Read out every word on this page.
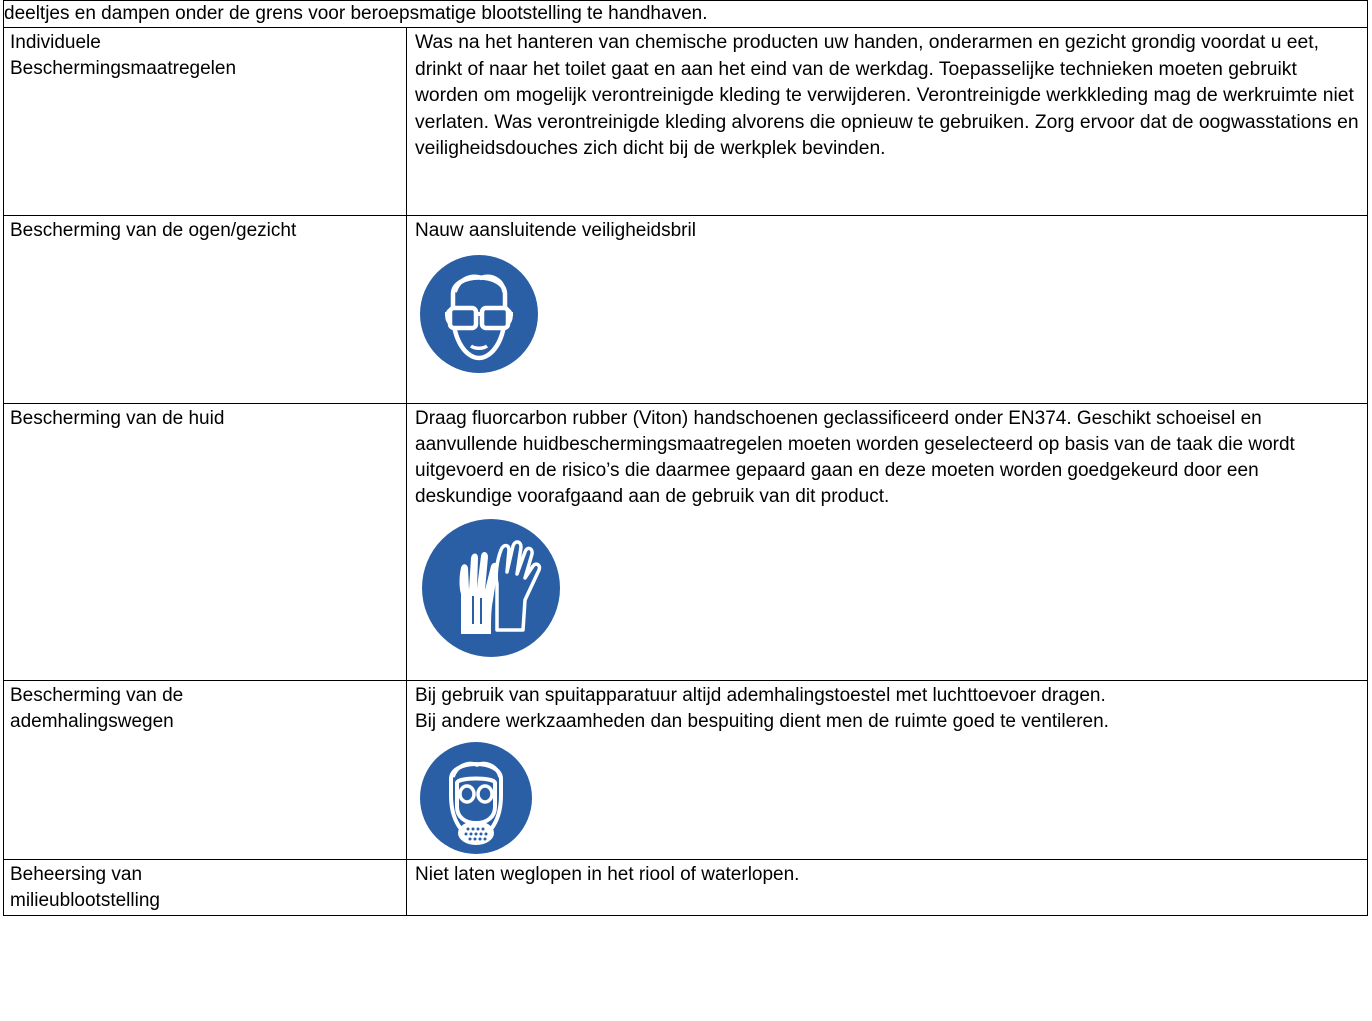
deeltjes en dampen onder de grens voor beroepsmatige blootstelling te handhaven.	
Individuele Beschermingsmaatregelen	Was na het hanteren van chemische producten uw handen, onderarmen en gezicht grondig voordat u eet, drinkt of naar het toilet gaat en aan het eind van de werkdag. Toepasselijke technieken moeten gebruikt worden om mogelijk verontreinigde kleding te verwijderen. Verontreinigde werkkleding mag de werkruimte niet verlaten. Was verontreinigde kleding alvorens die opnieuw te gebruiken. Zorg ervoor dat de oogwasstations en veiligheidsdouches zich dicht bij de werkplek bevinden.
Bescherming van de ogen/gezicht	Nauw aansluitende veiligheidsbril

Bescherming van de huid	Draag fluorcarbon rubber (Viton) handschoenen geclassificeerd onder EN374. Geschikt schoeisel en aanvullende huidbeschermingsmaatregelen moeten worden geselecteerd op basis van de taak die wordt uitgevoerd en de risico’s die daarmee gepaard gaan en deze moeten worden goedgekeurd door een deskundige voorafgaand aan de gebruik van dit product.

Bescherming van de ademhalingswegen	Bij gebruik van spuitapparatuur altijd ademhalingstoestel met luchttoevoer dragen.
Bij andere werkzaamheden dan bespuiting dient men de ruimte goed te ventileren.

Beheersing van milieublootstelling	Niet laten weglopen in het riool of waterlopen.
